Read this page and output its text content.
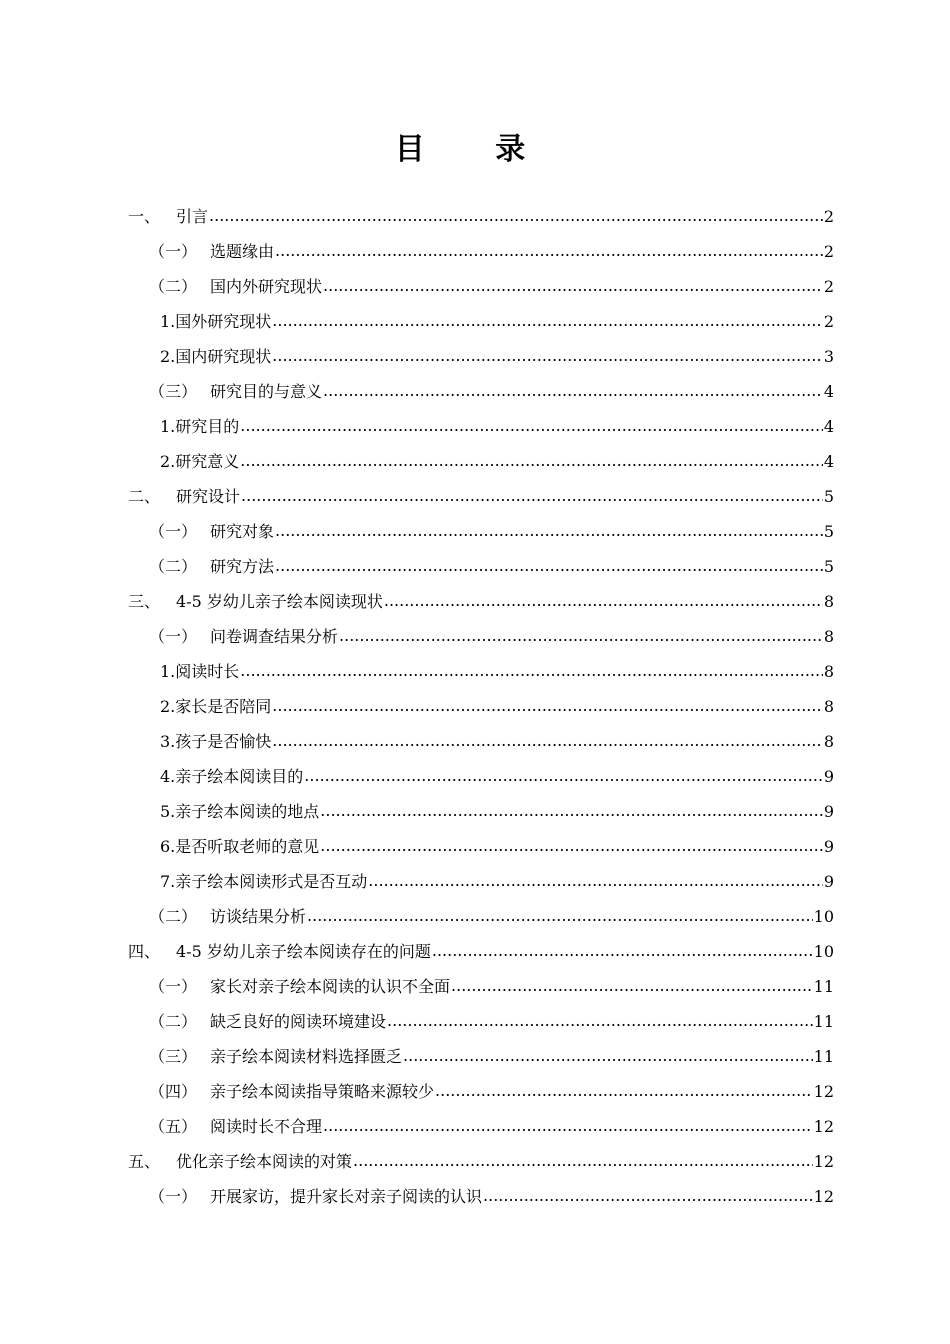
目 录
一、 引言 .....	2
（一） 选题缘由 .....	2
（二） 国内外研究现状 .....	2
1. 国外研究现状 .....	2
2. 国内研究现状 .....	3
（三） 研究目的与意义 .....	4
1. 研究目的 .....	4
2. 研究意义 .....	4
二、 研究设计 .....	5
（一） 研究对象 .....	5
（二） 研究方法 .....	5
三、 4-5 岁幼儿亲子绘本阅读现状 .....	8
（一） 问卷调查结果分析 .....	8
1. 阅读时长 .....	8
2. 家长是否陪同 .....	8
3. 孩子是否愉快 .....	8
4. 亲子绘本阅读目的 .....	9
5. 亲子绘本阅读的地点 .....	9
6. 是否听取老师的意见 .....	9
7. 亲子绘本阅读形式是否互动 .....	9
（二） 访谈结果分析 .....	10
四、 4-5 岁幼儿亲子绘本阅读存在的问题 .....	10
（一） 家长对亲子绘本阅读的认识不全面 .....	11
（二） 缺乏良好的阅读环境建设 .....	11
（三） 亲子绘本阅读材料选择匮乏 .....	11
（四） 亲子绘本阅读指导策略来源较少 .....	12
（五） 阅读时长不合理 .....	12
五、 优化亲子绘本阅读的对策 .....	12
（一） 开展家访，提升家长对亲子阅读的认识 .....	12
